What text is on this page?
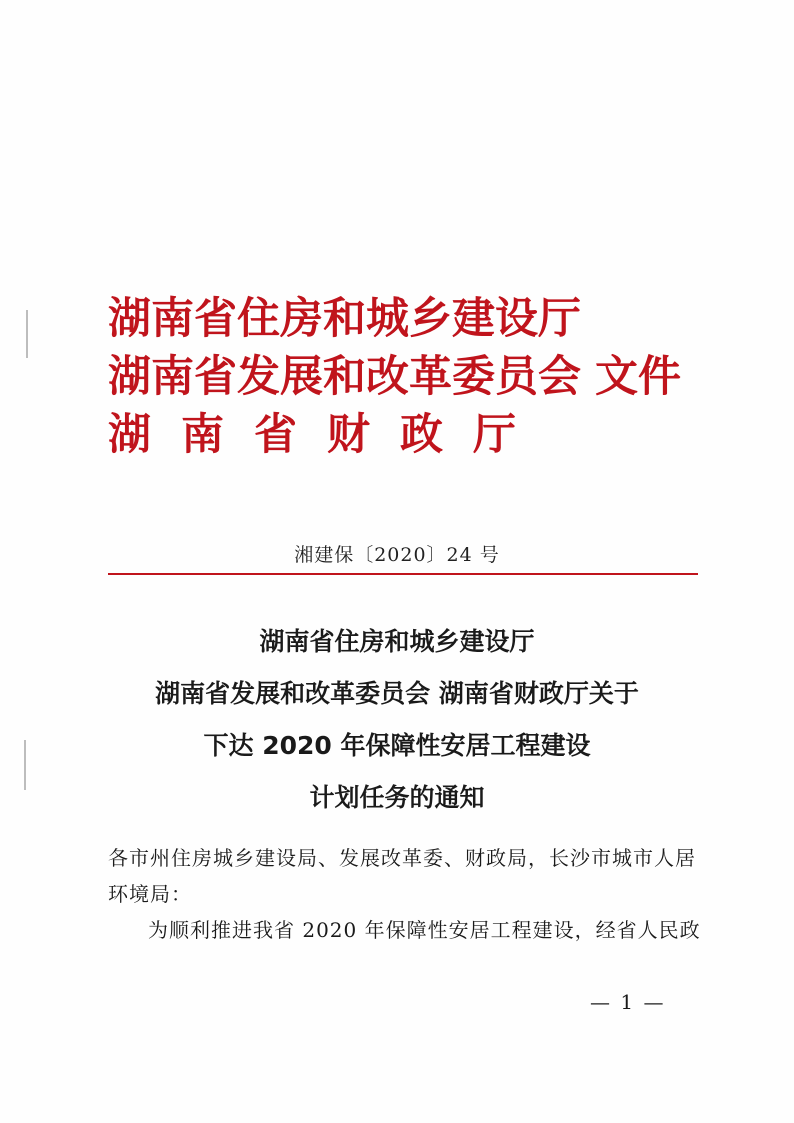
湖南省住房和城乡建设厅
湖南省发展和改革委员会 文件
湖南省财政厅
湘建保〔2020〕24 号
湖南省住房和城乡建设厅
湖南省发展和改革委员会 湖南省财政厅关于
下达 2020 年保障性安居工程建设
计划任务的通知
各市州住房城乡建设局、发展改革委、财政局，长沙市城市人居
环境局：
为顺利推进我省 2020 年保障性安居工程建设，经省人民政
— 1 —
